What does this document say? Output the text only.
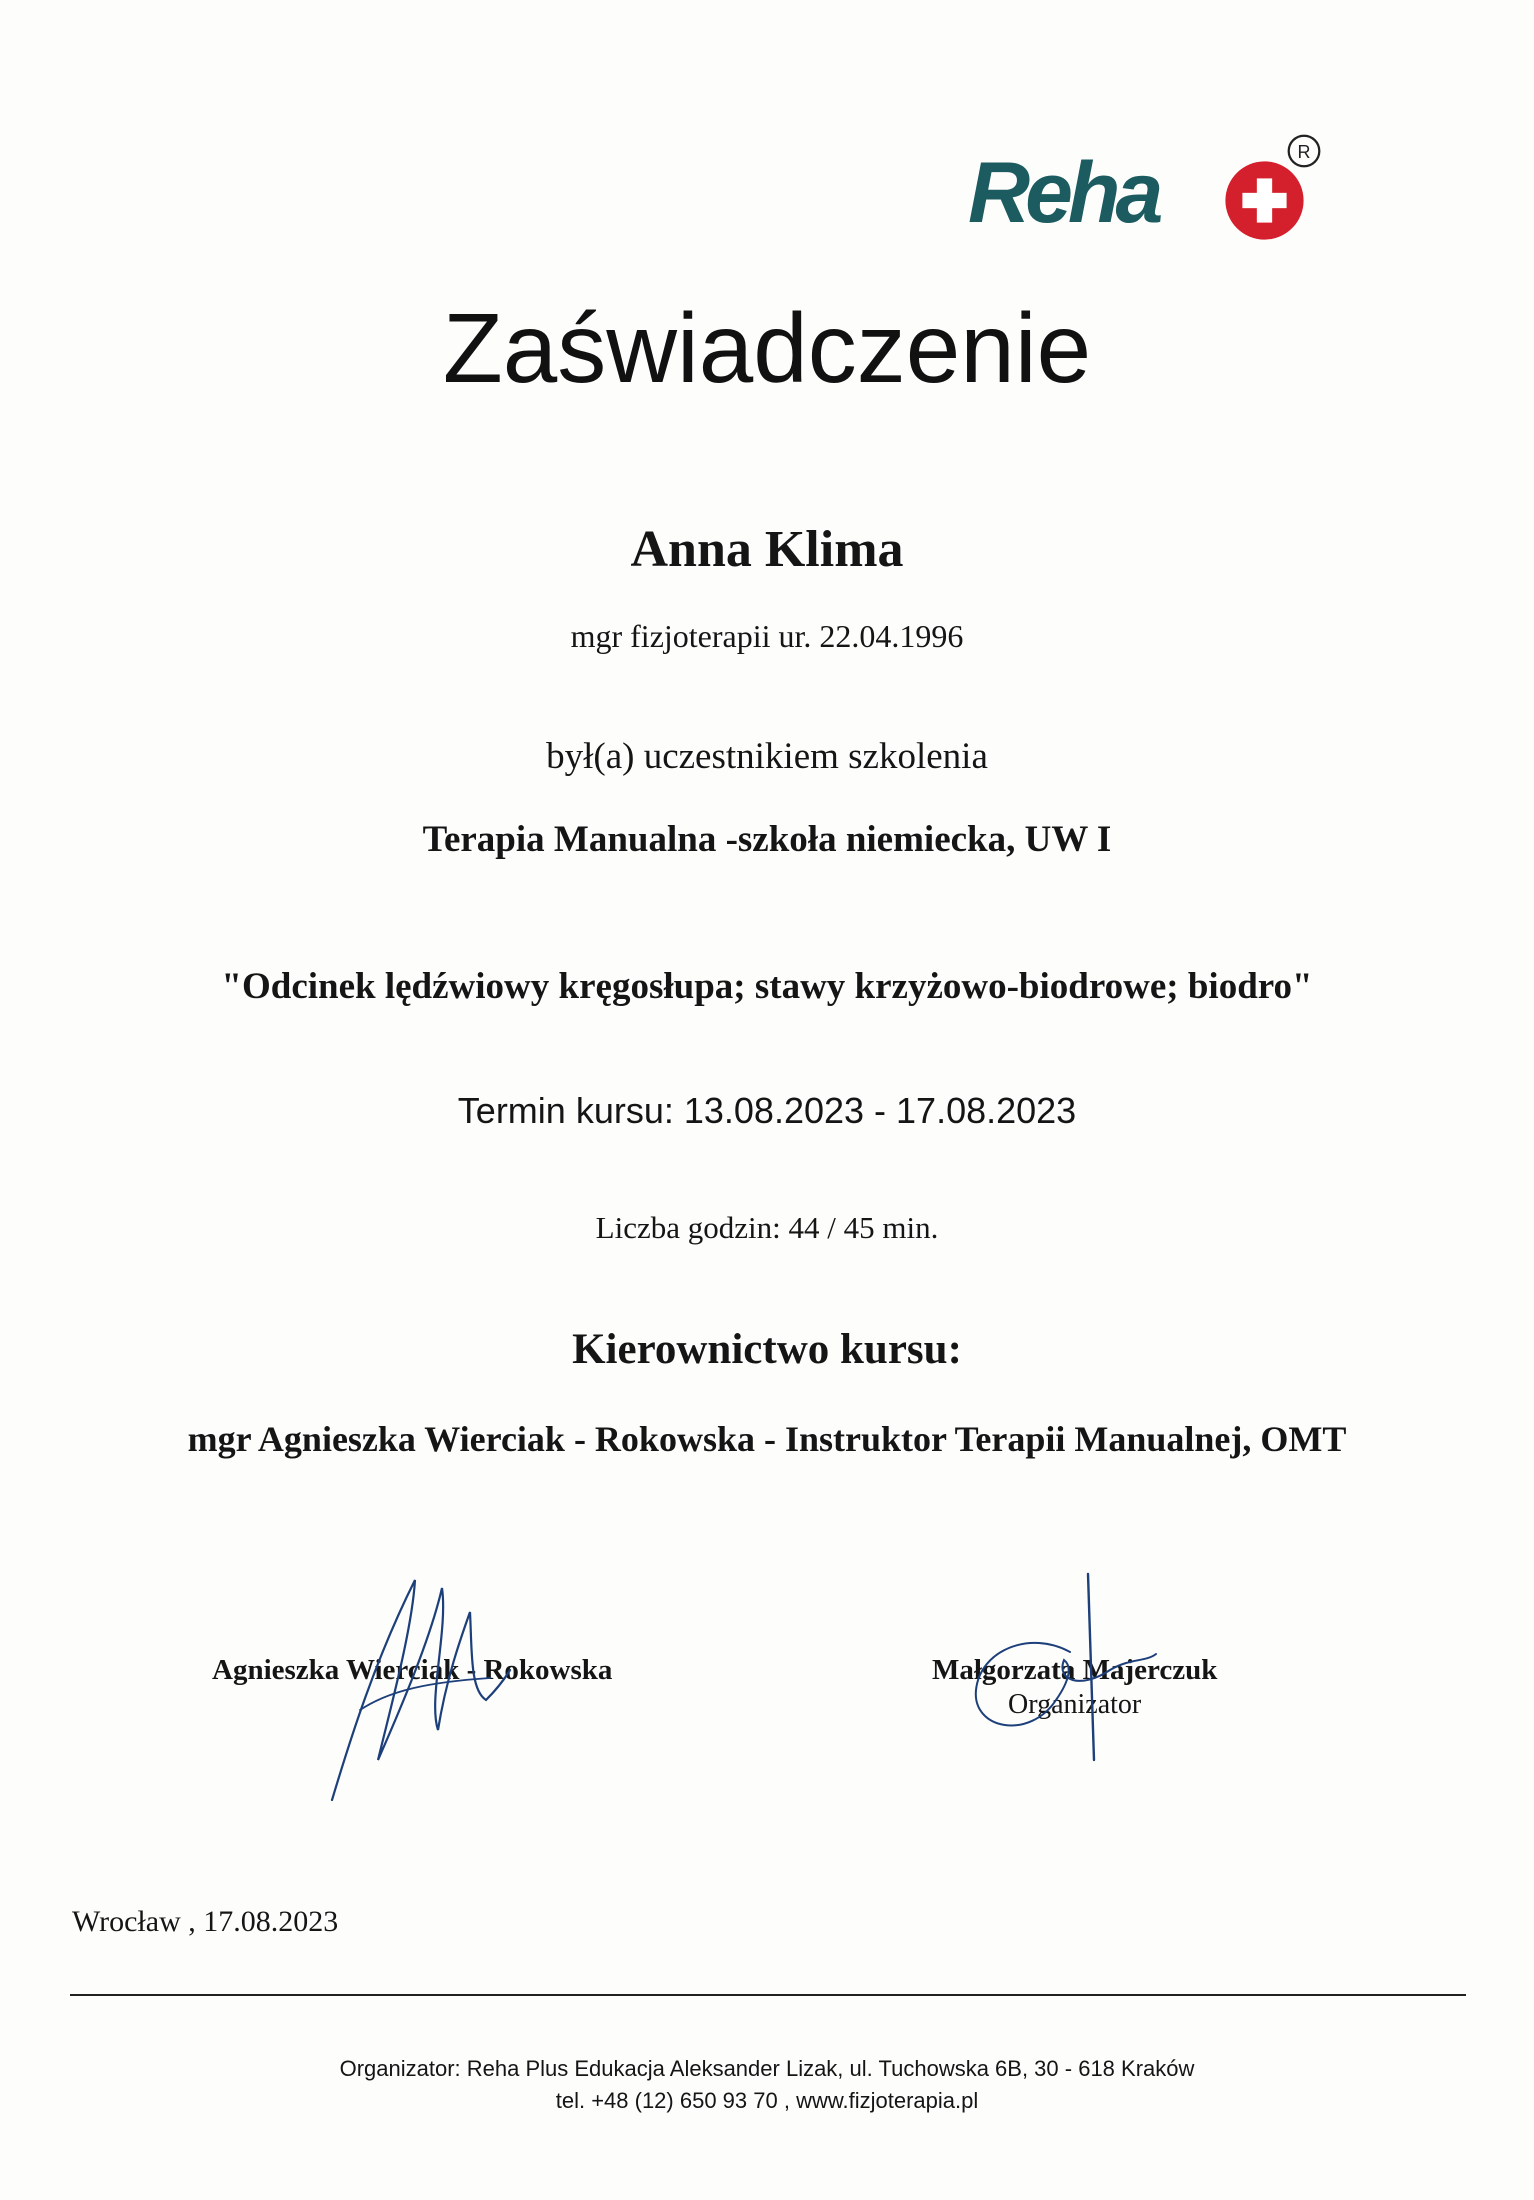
Reha	R
Zaświadczenie
Anna Klima
mgr fizjoterapii ur. 22.04.1996
był(a) uczestnikiem szkolenia
Terapia Manualna -szkoła niemiecka, UW I
"Odcinek lędźwiowy kręgosłupa; stawy krzyżowo-biodrowe; biodro"
Termin kursu: 13.08.2023 - 17.08.2023
Liczba godzin: 44 / 45 min.
Kierownictwo kursu:
mgr Agnieszka Wierciak - Rokowska - Instruktor Terapii Manualnej, OMT
Agnieszka Wierciak - Rokowska	Małgorzata Majerczuk
Organizator
Wrocław , 17.08.2023
Organizator: Reha Plus Edukacja Aleksander Lizak, ul. Tuchowska 6B, 30 - 618 Kraków
tel. +48 (12) 650 93 70 , www.fizjoterapia.pl
